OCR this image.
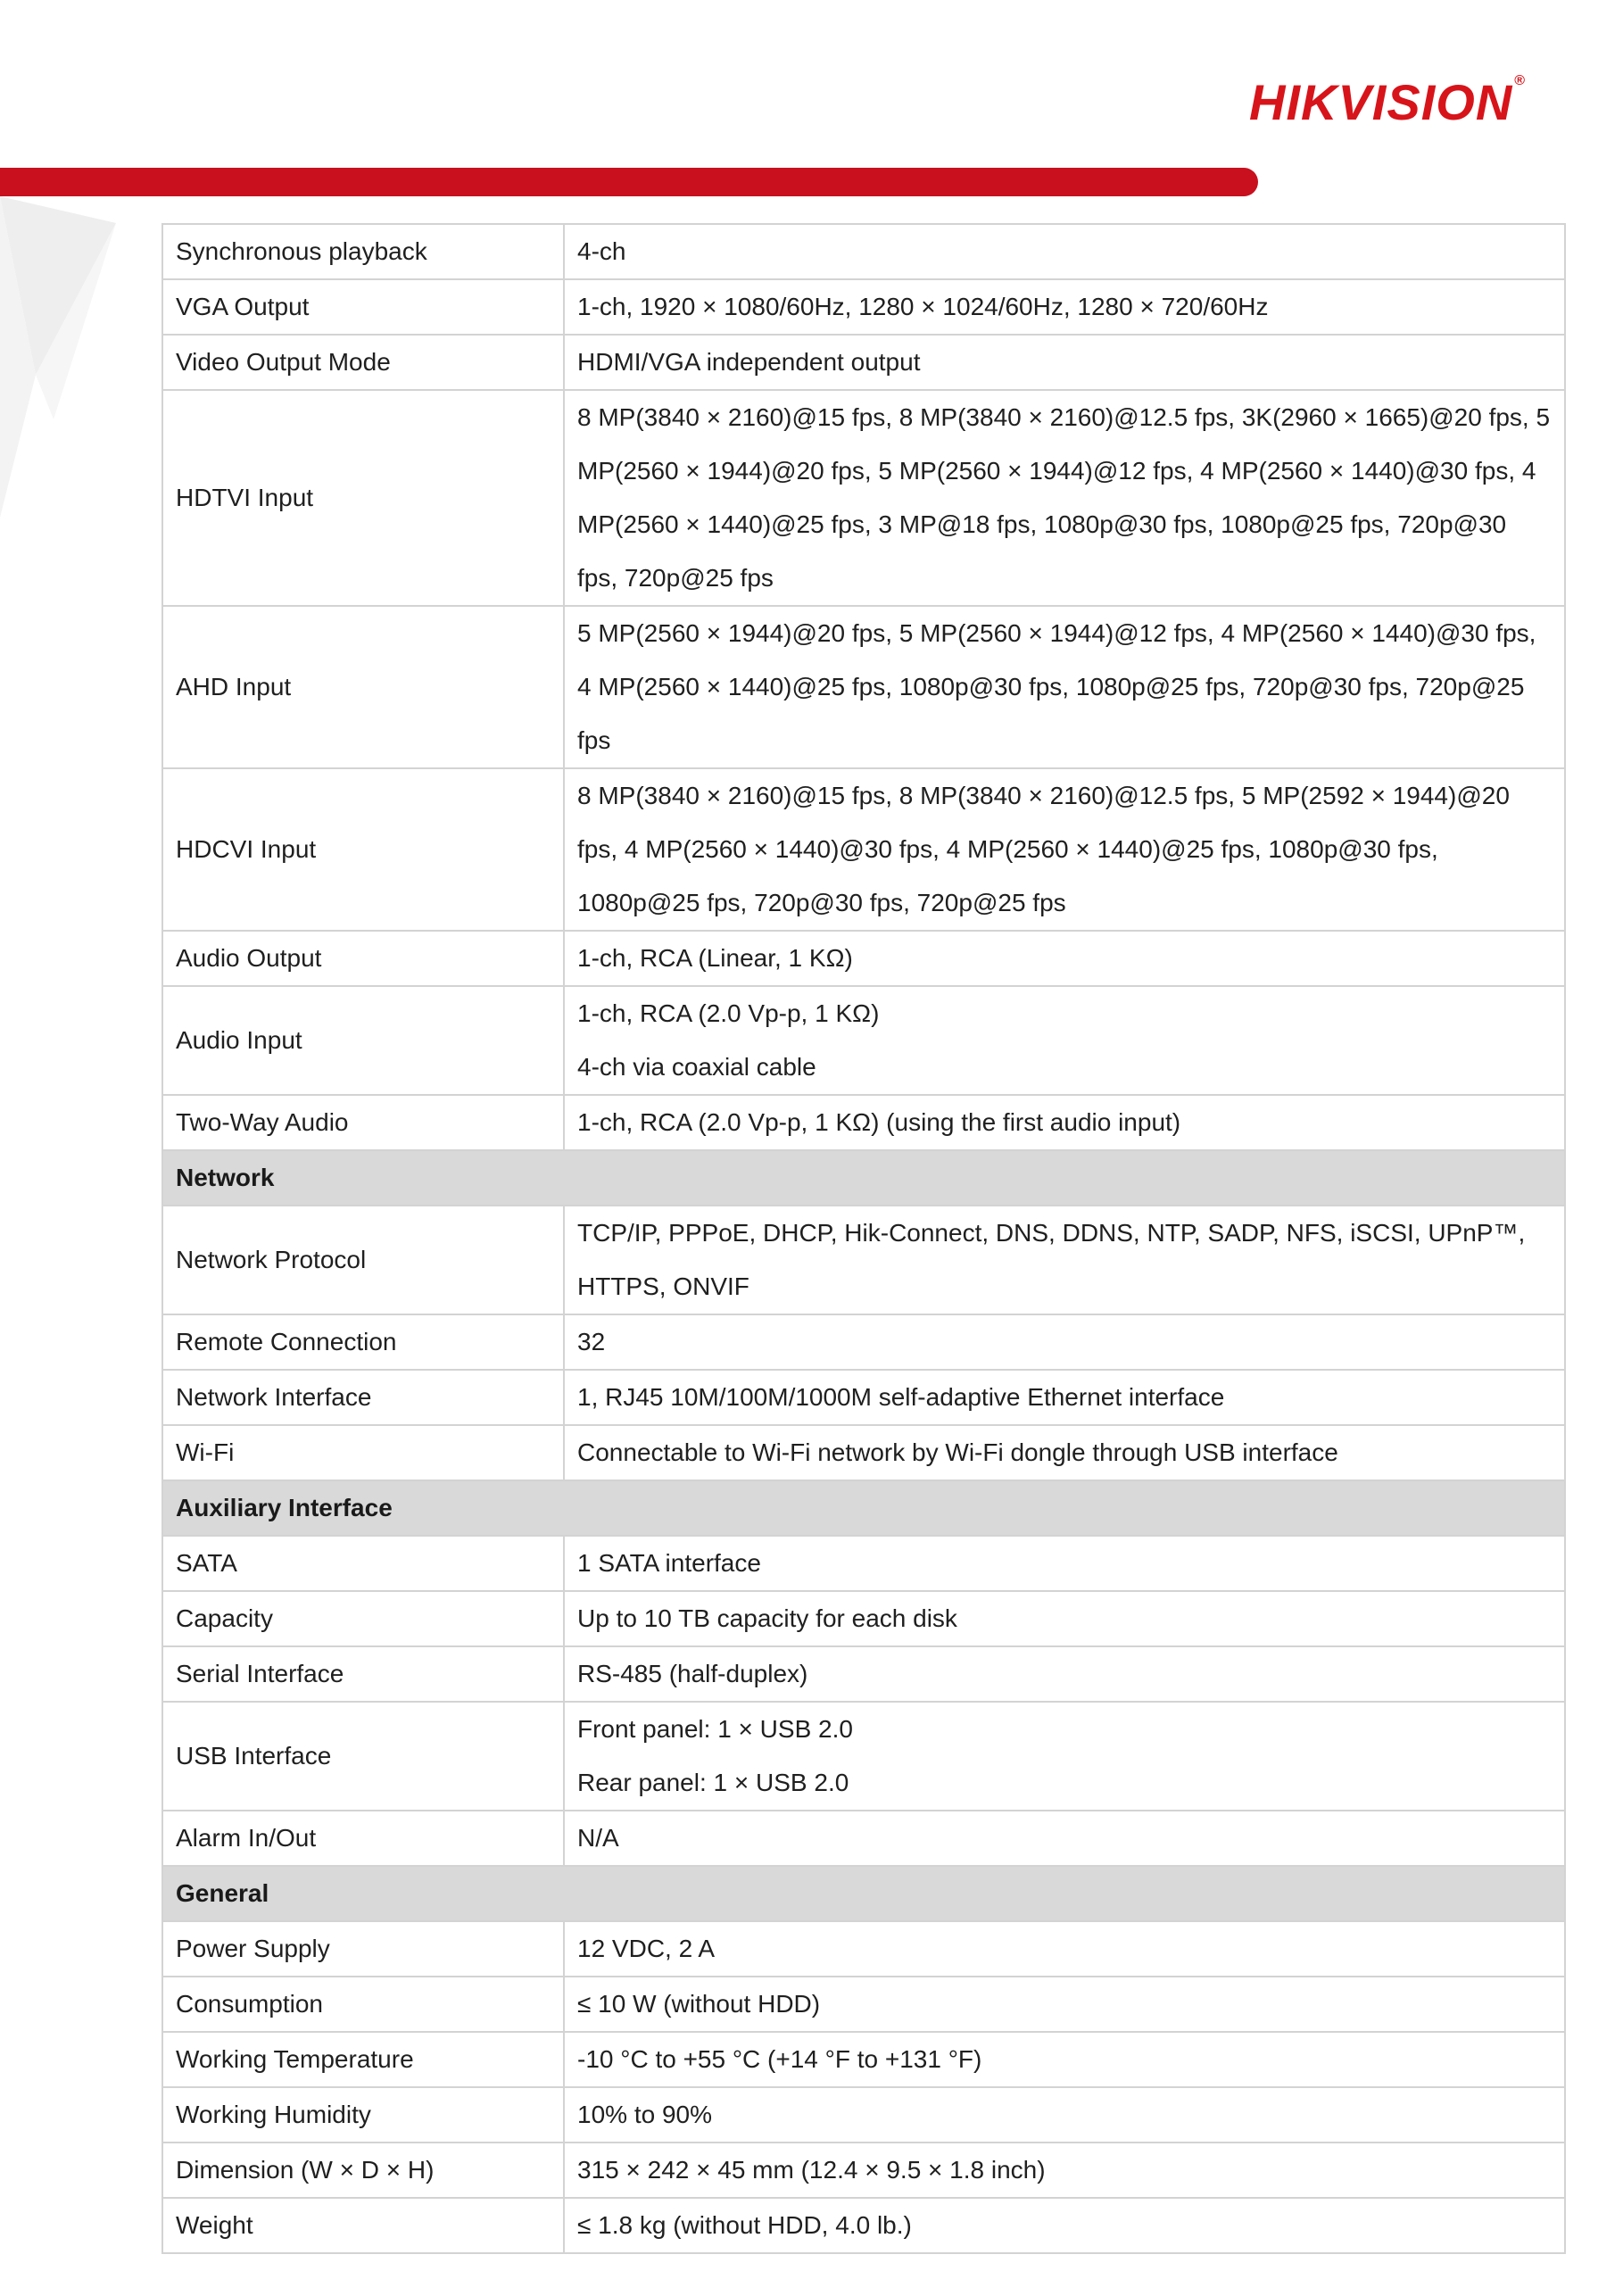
HIKVISION ®
Synchronous playback	4-ch

VGA Output	1-ch, 1920 × 1080/60Hz, 1280 × 1024/60Hz, 1280 × 720/60Hz

Video Output Mode	HDMI/VGA independent output

HDTVI Input	8 MP(3840 × 2160)@15 fps, 8 MP(3840 × 2160)@12.5 fps, 3K(2960 × 1665)@20 fps, 5 MP(2560 × 1944)@20 fps, 5 MP(2560 × 1944)@12 fps, 4 MP(2560 × 1440)@30 fps, 4 MP(2560 × 1440)@25 fps, 3 MP@18 fps, 1080p@30 fps, 1080p@25 fps, 720p@30 fps, 720p@25 fps

AHD Input	5 MP(2560 × 1944)@20 fps, 5 MP(2560 × 1944)@12 fps, 4 MP(2560 × 1440)@30 fps, 4 MP(2560 × 1440)@25 fps, 1080p@30 fps, 1080p@25 fps, 720p@30 fps, 720p@25 fps

HDCVI Input	8 MP(3840 × 2160)@15 fps, 8 MP(3840 × 2160)@12.5 fps, 5 MP(2592 × 1944)@20 fps, 4 MP(2560 × 1440)@30 fps, 4 MP(2560 × 1440)@25 fps, 1080p@30 fps, 1080p@25 fps, 720p@30 fps, 720p@25 fps

Audio Output	1-ch, RCA (Linear, 1 KΩ)

Audio Input	1-ch, RCA (2.0 Vp-p, 1 KΩ)
4-ch via coaxial cable

Two-Way Audio	1-ch, RCA (2.0 Vp-p, 1 KΩ) (using the first audio input)

Network	
Network Protocol	TCP/IP, PPPoE, DHCP, Hik-Connect, DNS, DDNS, NTP, SADP, NFS, iSCSI, UPnP™, HTTPS, ONVIF

Remote Connection	32

Network Interface	1, RJ45 10M/100M/1000M self-adaptive Ethernet interface

Wi-Fi	Connectable to Wi-Fi network by Wi-Fi dongle through USB interface

Auxiliary Interface	
SATA	1 SATA interface

Capacity	Up to 10 TB capacity for each disk

Serial Interface	RS-485 (half-duplex)

USB Interface	Front panel: 1 × USB 2.0
Rear panel: 1 × USB 2.0

Alarm In/Out	N/A

General	
Power Supply	12 VDC, 2 A

Consumption	≤ 10 W (without HDD)

Working Temperature	-10 °C to +55 °C (+14 °F to +131 °F)

Working Humidity	10% to 90%

Dimension (W × D × H)	315 × 242 × 45 mm (12.4 × 9.5 × 1.8 inch)

Weight	≤ 1.8 kg (without HDD, 4.0 lb.)
